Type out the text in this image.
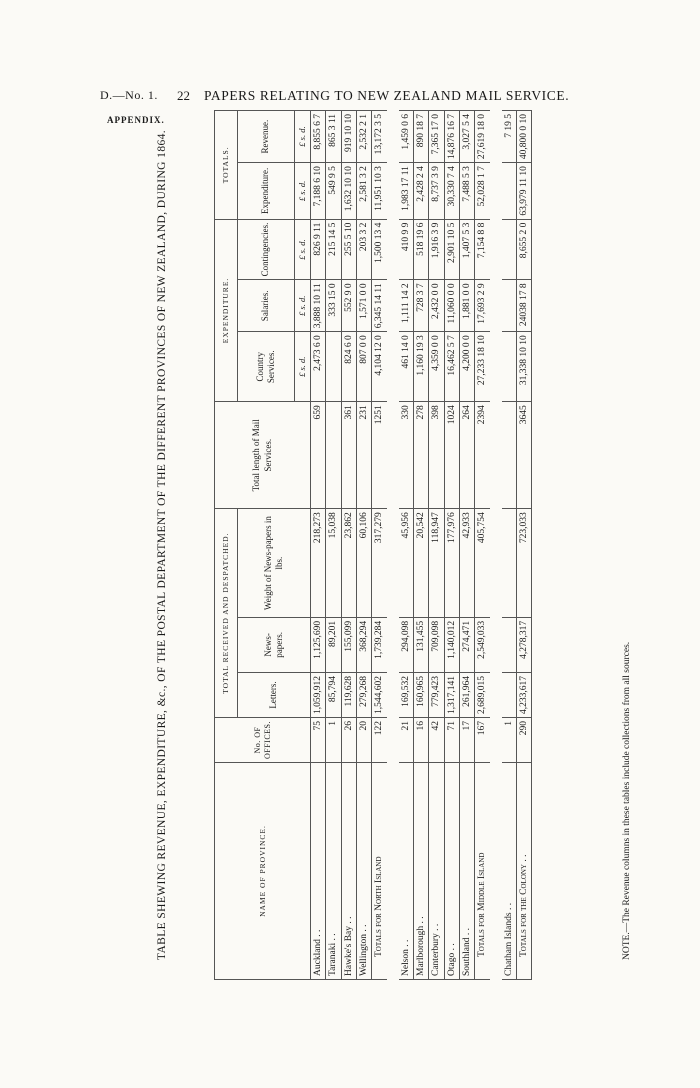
D.—No. 1. 22 PAPERS RELATING TO NEW ZEALAND MAIL SERVICE.
APPENDIX.
TABLE SHEWING REVENUE, EXPENDITURE, &c., OF THE POSTAL DEPARTMENT OF THE DIFFERENT PROVINCES OF NEW ZEALAND, DURING 1864.	NAME OF PROVINCE.	No. OF OFFICES.	TOTAL RECEIVED AND DESPATCHED.			Total length of Mail Services.	EXPENDITURE.			TOTALS.	
		Letters.	News-papers.	Weight of News-papers in lbs.		Country Services.	Salaries.	Contingencies.	Expenditure.	Revenue.
						£ s. d.	£ s. d.	£ s. d.	£ s. d.	£ s. d.
Auckland . .	75	1,059,912	1,125,690	218,273	659	2,473 6 0	3,888 10 11	826 9 11	7,188 6 10	8,855 6 7
Taranaki . .	1	85,794	89,201	15,038			333 15 0	215 14 5	549 9 5	865 3 11
Hawke's Bay . .	26	119,628	155,099	23,862	361	824 6 0	552 9 0	255 5 10	1,632 10 10	919 10 10
Wellington . .	20	279,268	368,294	60,106	231	807 0 0	1,571 0 0	203 3 2	2,581 3 2	2,532 2 1
Totals for North Island	122	1,544,602	1,739,284	317,279	1251	4,104 12 0	6,345 14 11	1,500 13 4	11,951 10 3	13,172 3 5
Nelson . .	21	169,532	294,098	45,956	330	461 14 0	1,111 14 2	410 9 9	1,983 17 11	1,459 0 6
Marlborough . .	16	160,965	131,455	20,542	278	1,160 19 3	728 3 7	518 19 6	2,428 2 4	890 18 7
Canterbury . .	42	779,423	709,098	118,947	398	4,359 0 0	2,432 0 0	1,916 3 9	8,737 3 9	7,365 17 0
Otago . .	71	1,317,141	1,140,012	177,976	1024	16,462 5 7	11,060 0 0	2,901 10 5	30,330 7 4	14,876 16 7
Southland . .	17	261,964	274,471	42,933	264	4,200 0 0	1,881 0 0	1,407 5 3	7,488 5 3	3,027 5 4
Totals for Middle Island	167	2,689,015	2,549,033	405,754	2394	27,233 18 10	17,693 2 9	7,154 8 8	52,028 1 7	27,619 18 0
Chatham Islands . .	1									7 19 5
Totals for the Colony . .	290	4,233,617	4,278,317	723,033	3645	31,338 10 10	24038 17 8	8,655 2 0	63,979 11 10	40,800 0 10
NOTE.—The Revenue columns in these tables include collections from all sources.
